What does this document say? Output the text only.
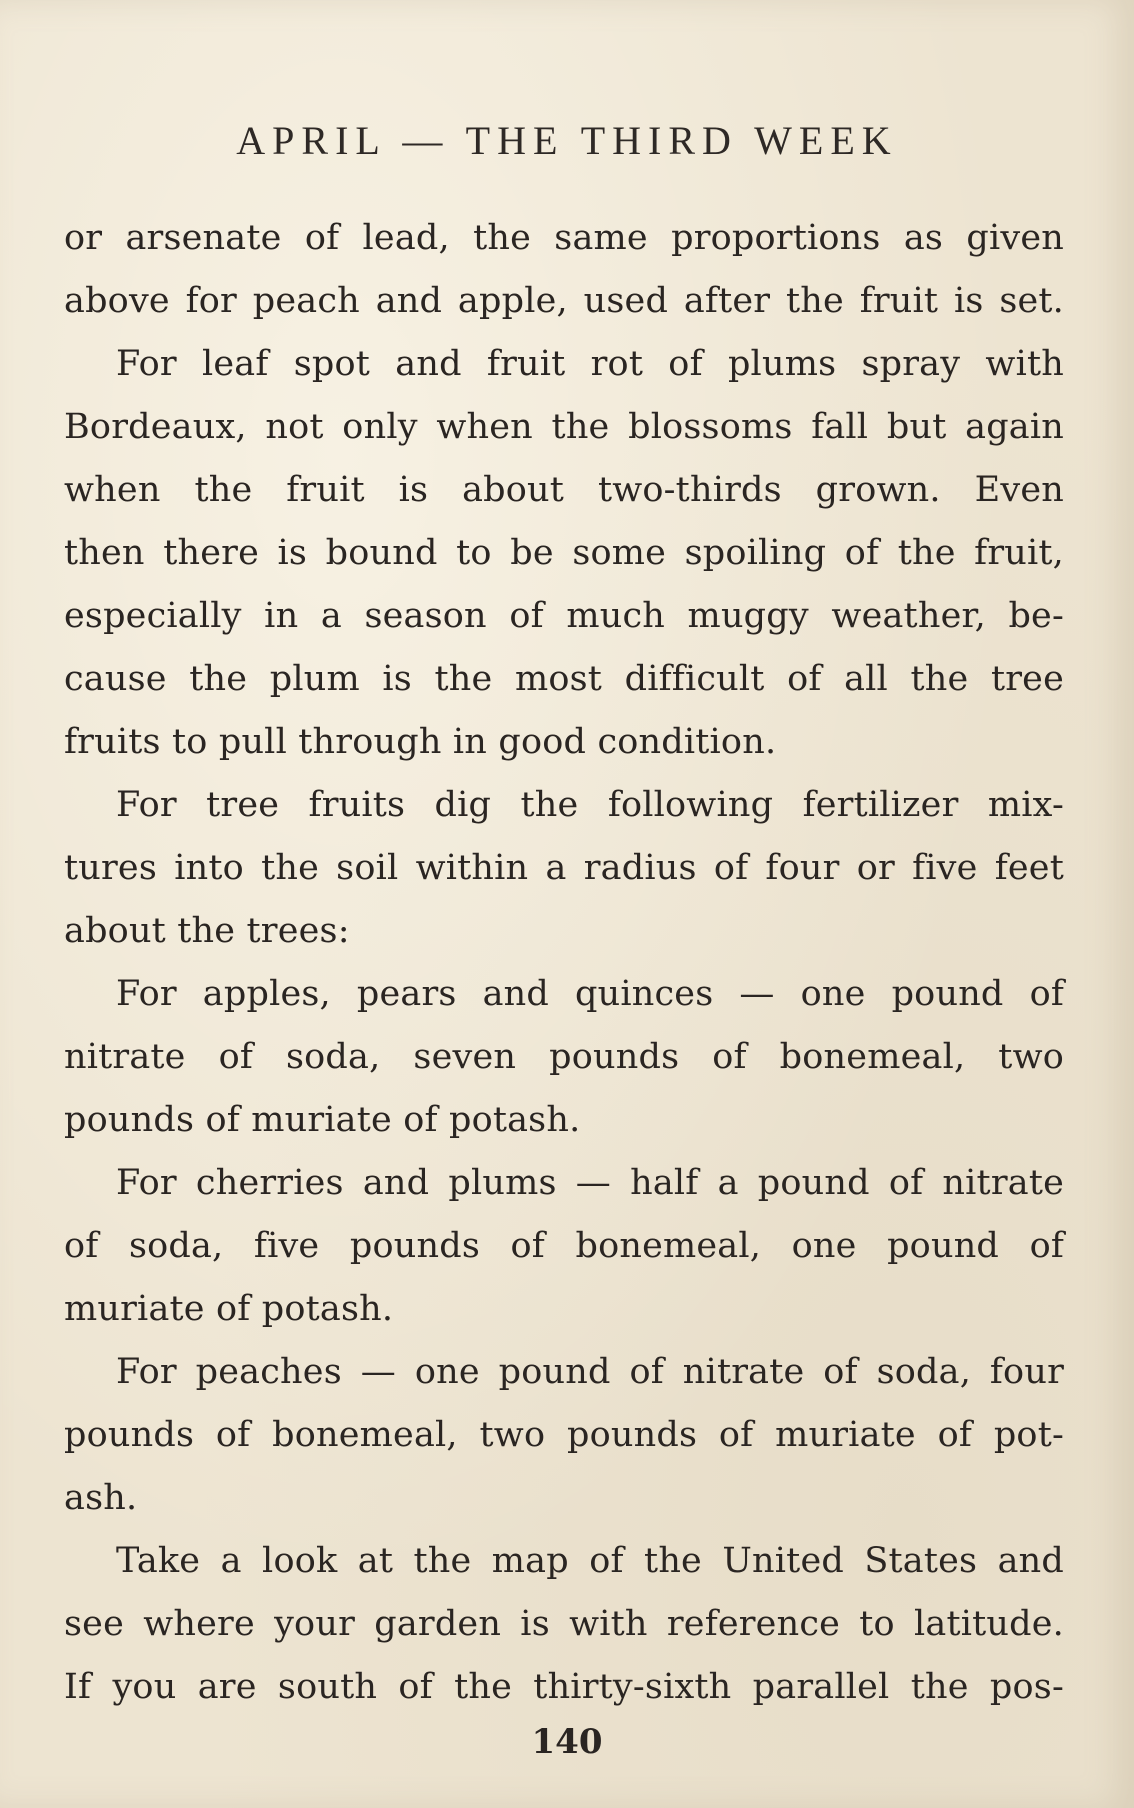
APRIL — THE THIRD WEEK
or arsenate of lead, the same proportions as given
above for peach and apple, used after the fruit is set.
For leaf spot and fruit rot of plums spray with
Bordeaux, not only when the blossoms fall but again
when the fruit is about two-thirds grown. Even
then there is bound to be some spoiling of the fruit,
especially in a season of much muggy weather, be-
cause the plum is the most difficult of all the tree
fruits to pull through in good condition.
For tree fruits dig the following fertilizer mix-
tures into the soil within a radius of four or five feet
about the trees:
For apples, pears and quinces — one pound of
nitrate of soda, seven pounds of bonemeal, two
pounds of muriate of potash.
For cherries and plums — half a pound of nitrate
of soda, five pounds of bonemeal, one pound of
muriate of potash.
For peaches — one pound of nitrate of soda, four
pounds of bonemeal, two pounds of muriate of pot-
ash.
Take a look at the map of the United States and
see where your garden is with reference to latitude.
If you are south of the thirty-sixth parallel the pos-
140
